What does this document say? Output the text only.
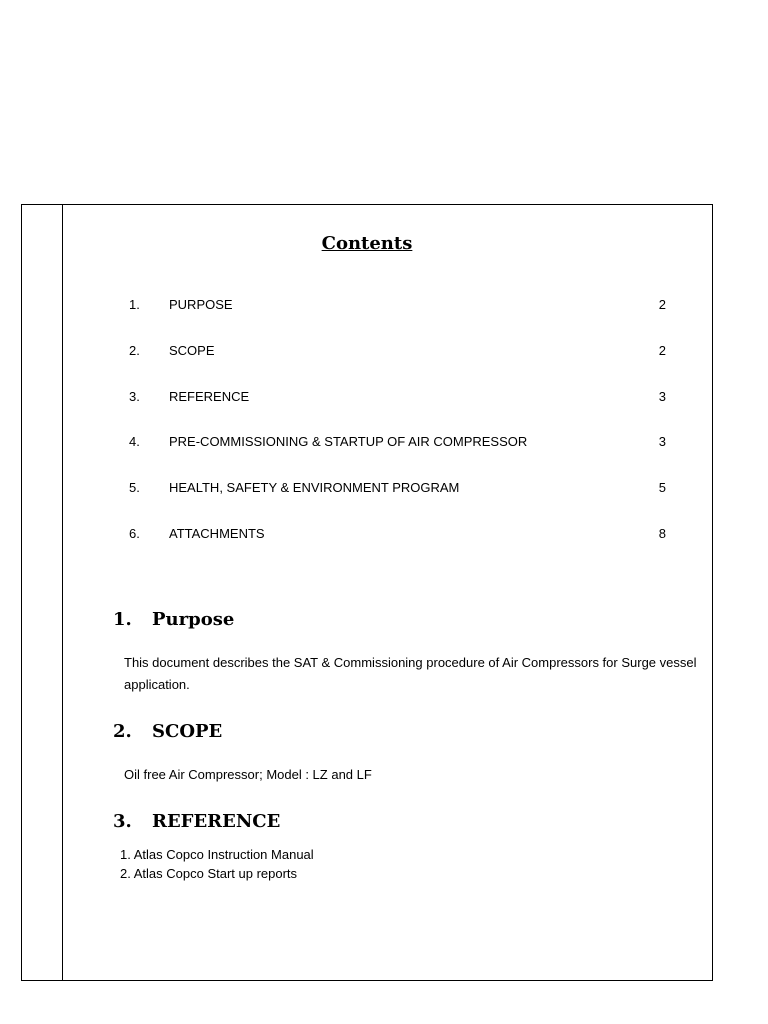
Contents
1.	PURPOSE	2
2.	SCOPE	2
3.	REFERENCE	3
4.	PRE-COMMISSIONING & STARTUP OF AIR COMPRESSOR	3
5.	HEALTH, SAFETY & ENVIRONMENT PROGRAM	5
6.	ATTACHMENTS	8
1.	Purpose

This document describes the SAT & Commissioning procedure of Air Compressors for Surge vessel application.

2.	SCOPE

Oil free Air Compressor; Model : LZ and LF

3.	REFERENCE
1. Atlas Copco Instruction Manual
2. Atlas Copco Start up reports
